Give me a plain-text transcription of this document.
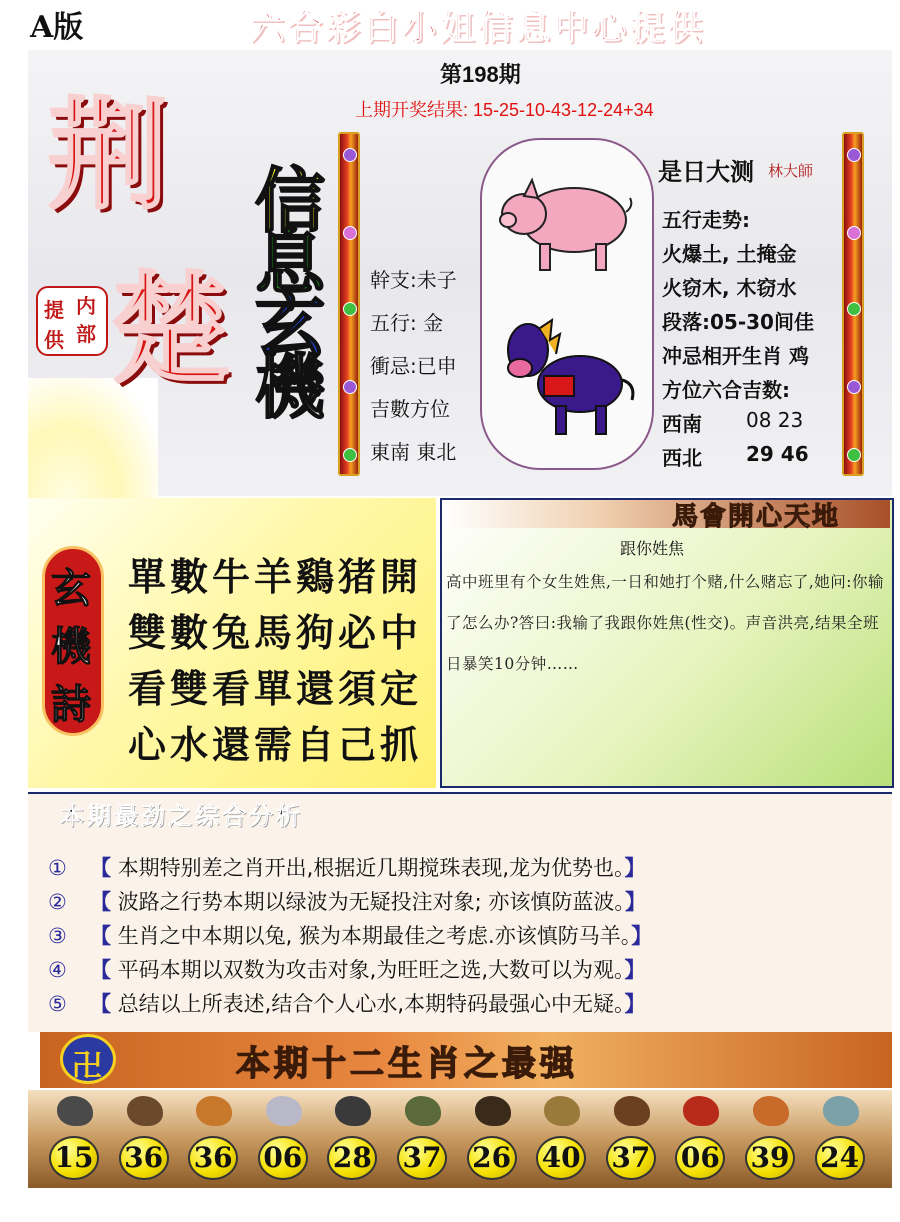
A版	六合彩白小姐信息中心提供
荆
楚
提
供
内
部
信
息
玄
機
第198期
上期开奖结果: 15-25-10-43-12-24+34
幹支:未子
五行: 金
衝忌:已申
吉數方位
東南 東北
是日大测 林大師
五行走势:
火爆土, 土掩金
火窃木, 木窃水
段落:05-30间佳
冲忌相开生肖 鸡
方位六合吉数:
西南 08 23
西北 29 46
玄
機
詩
單數牛羊鷄猪開
雙數兔馬狗必中
看雙看單還須定
心水還需自己抓
馬會開心天地
跟你姓焦
高中班里有个女生姓焦,一日和她打个赌,什么赌忘了,她问:你输了怎么办?答曰:我输了我跟你姓焦(性交)。声音洪亮,结果全班日暴笑10分钟……
本期最劲之综合分析
① 【 本期特别差之肖开出,根据近几期搅珠表现,龙为优势也。】
② 【 波路之行势本期以绿波为无疑投注对象; 亦该慎防蓝波。】
③ 【 生肖之中本期以兔, 猴为本期最佳之考虑.亦该慎防马羊。】
④ 【 平码本期以双数为攻击对象,为旺旺之选,大数可以为观。】
⑤ 【 总结以上所表述,结合个人心水,本期特码最强心中无疑。】
卍	本期十二生肖之最强
15 36 36 06 28 37 26 40 37 06 39 24
